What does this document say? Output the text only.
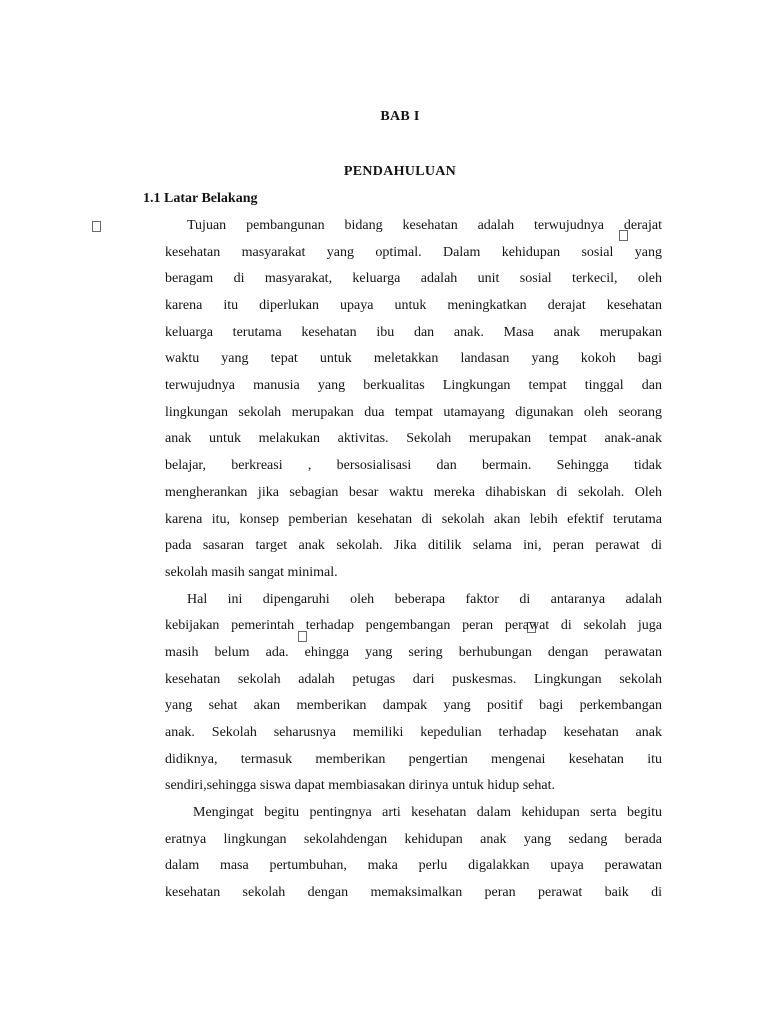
BAB I
PENDAHULUAN
1.1 Latar Belakang
Tujuan pembangunan bidang kesehatan adalah terwujudnya derajat
kesehatan masyarakat yang optimal. Dalam kehidupan sosial yang
beragam di masyarakat, keluarga adalah unit sosial terkecil, oleh
karena itu diperlukan upaya untuk meningkatkan derajat kesehatan
keluarga terutama kesehatan ibu dan anak. Masa anak merupakan
waktu yang tepat untuk meletakkan landasan yang kokoh bagi
terwujudnya manusia yang berkualitas Lingkungan tempat tinggal dan
lingkungan sekolah merupakan dua tempat utamayang digunakan oleh seorang
anak untuk melakukan aktivitas. Sekolah merupakan tempat anak-anak
belajar, berkreasi , bersosialisasi dan bermain. Sehingga tidak
mengherankan jika sebagian besar waktu mereka dihabiskan di sekolah. Oleh
karena itu, konsep pemberian kesehatan di sekolah akan lebih efektif terutama
pada sasaran target anak sekolah. Jika ditilik selama ini, peran perawat di
sekolah masih sangat minimal.
Hal ini dipengaruhi oleh beberapa faktor di antaranya adalah
kebijakan pemerintah terhadap pengembangan peran perawat di sekolah juga
masih belum ada. ehingga yang sering berhubungan dengan perawatan
kesehatan sekolah adalah petugas dari puskesmas. Lingkungan sekolah
yang sehat akan memberikan dampak yang positif bagi perkembangan
anak. Sekolah seharusnya memiliki kepedulian terhadap kesehatan anak
didiknya, termasuk memberikan pengertian mengenai kesehatan itu
sendiri,sehingga siswa dapat membiasakan dirinya untuk hidup sehat.
Mengingat begitu pentingnya arti kesehatan dalam kehidupan serta begitu
eratnya lingkungan sekolahdengan kehidupan anak yang sedang berada
dalam masa pertumbuhan, maka perlu digalakkan upaya perawatan
kesehatan sekolah dengan memaksimalkan peran perawat baik di
